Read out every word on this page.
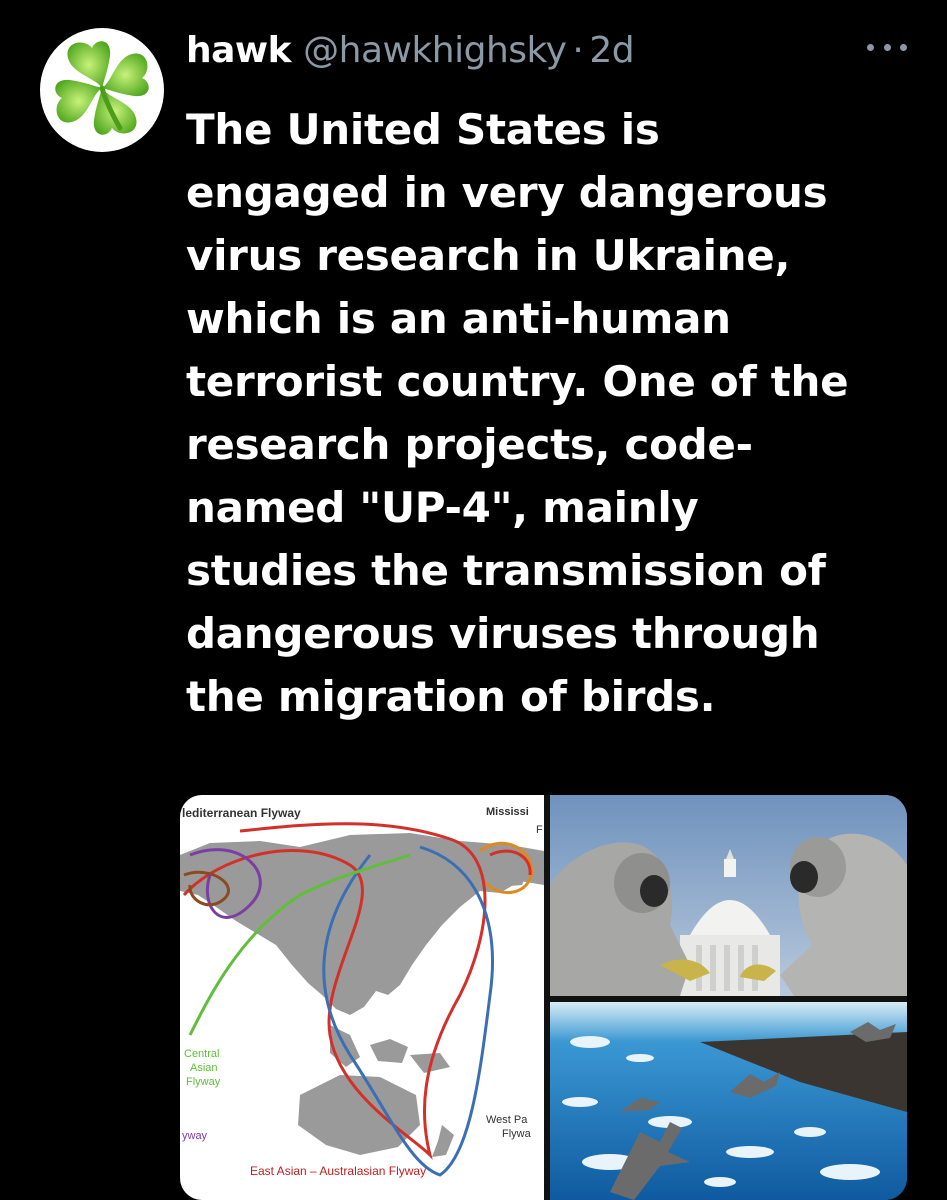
hawk @hawkhighsky · 2d
The United States is
engaged in very dangerous
virus research in Ukraine,
which is an anti-human
terrorist country. One of the
research projects, code-
named "UP-4", mainly
studies the transmission of
dangerous viruses through
the migration of birds.
lediterranean Flyway	Mississi
F
Central
Asian
Flyway
yway
West Pa
Flywa
East Asian – Australasian Flyway
